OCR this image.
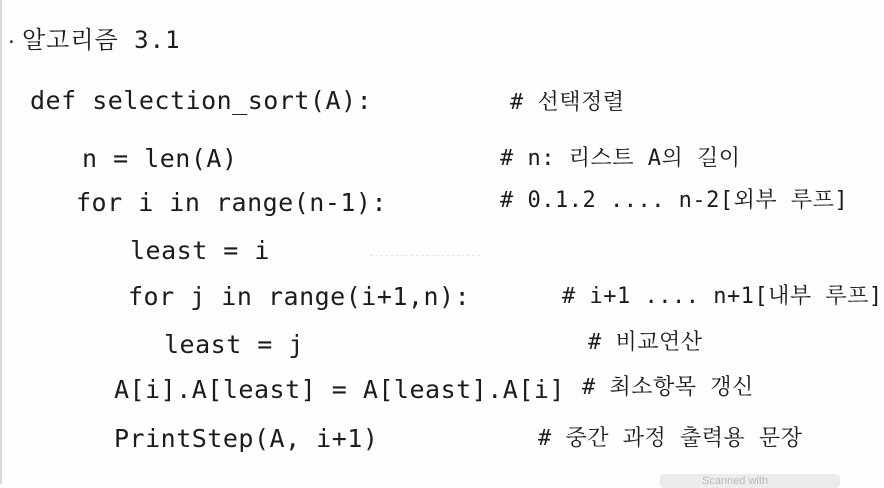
· 알고리즘 3.1
def selection_sort(A):	# 선택정렬
n = len(A)	# n: 리스트 A의 길이
for i in range(n-1):	# 0.1.2 .... n-2[외부 루프]
least = i
for j in range(i+1,n):	# i+1 .... n+1[내부 루프]
least = j	# 비교연산
A[i].A[least] = A[least].A[i] # 최소항목 갱신
PrintStep(A, i+1)	# 중간 과정 출력용 문장
Scanned with
